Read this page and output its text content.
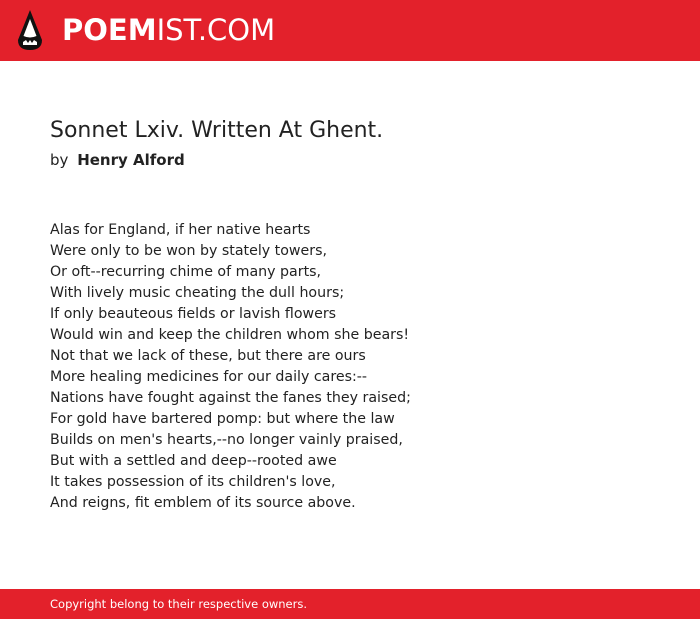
POEMIST.COM
Sonnet Lxiv. Written At Ghent.
by Henry Alford
Alas for England, if her native hearts
Were only to be won by stately towers,
Or oft--recurring chime of many parts,
With lively music cheating the dull hours;
If only beauteous fields or lavish flowers
Would win and keep the children whom she bears!
Not that we lack of these, but there are ours
More healing medicines for our daily cares:--
Nations have fought against the fanes they raised;
For gold have bartered pomp: but where the law
Builds on men's hearts,--no longer vainly praised,
But with a settled and deep--rooted awe
It takes possession of its children's love,
And reigns, fit emblem of its source above.
Copyright belong to their respective owners.
